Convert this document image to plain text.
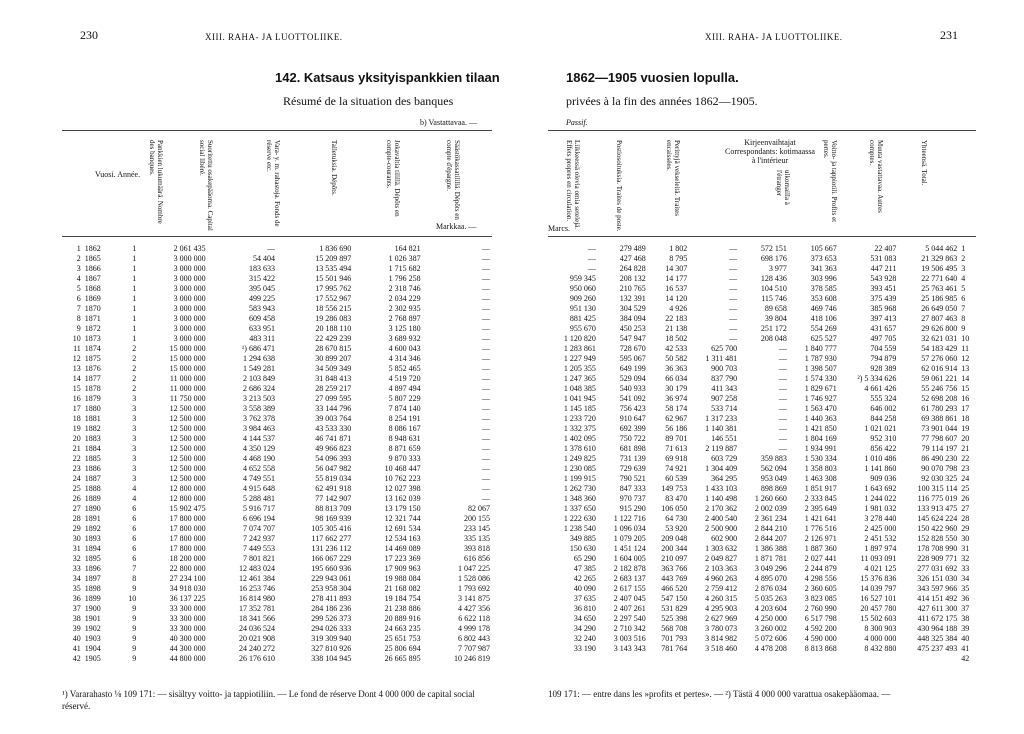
230	XIII. RAHA- JA LUOTTOLIIKE.
142. Katsaus yksityispankkien tilaan
Résumé de la situation des banques
b) Vastattavaa. —
Vuosi. Année.	Pankkien lukumäärä. Nombre des banques.	Suoritettu osakepääoma. Capital social libéré.	Vara- y. m. rahastoja. Fonds de réserve etc.	Talletuksia. Dépôts.	Jokavaltia tilillä. Dépôts en compte-courants.	Säästökassatilillä. Dépôts en compte d'épargne.
Markkaa. —
1	1862	1	2 061 435	—	1 836 690	164 821	—
2	1865	1	3 000 000	54 404	15 209 897	1 026 387	—
3	1866	1	3 000 000	183 633	13 535 494	1 715 682	—
4	1867	1	3 000 000	315 422	15 501 946	1 796 258	—
5	1868	1	3 000 000	395 045	17 995 762	2 318 746	—
6	1869	1	3 000 000	499 225	17 552 967	2 034 229	—
7	1870	1	3 000 000	583 943	18 556 215	2 302 935	—
8	1871	1	3 000 000	609 458	19 286 083	2 768 897	—
9	1872	1	3 000 000	633 951	20 188 110	3 125 180	—
10	1873	1	3 000 000	483 311	22 429 239	3 689 932	—
11	1874	2	15 000 000	¹) 686 471	28 670 815	4 600 043	—
12	1875	2	15 000 000	1 294 638	30 899 207	4 314 346	—
13	1876	2	15 000 000	1 549 281	34 509 349	5 852 465	—
14	1877	2	11 000 000	2 103 849	31 848 413	4 519 720	—
15	1878	2	11 000 000	2 686 324	28 259 217	4 897 494	—
16	1879	3	11 750 000	3 213 503	27 099 595	5 807 229	—
17	1880	3	12 500 000	3 558 389	33 144 796	7 874 140	—
18	1881	3	12 500 000	3 762 378	39 003 764	8 254 191	—
19	1882	3	12 500 000	3 984 463	43 533 330	8 086 167	—
20	1883	3	12 500 000	4 144 537	46 741 871	8 948 631	—
21	1884	3	12 500 000	4 350 129	49 966 823	8 871 659	—
22	1885	3	12 500 000	4 468 190	54 096 393	9 870 333	—
23	1886	3	12 500 000	4 652 558	56 047 982	10 468 447	—
24	1887	3	12 500 000	4 749 551	55 819 034	10 762 223	—
25	1888	4	12 800 000	4 915 648	62 491 918	12 027 398	—
26	1889	4	12 800 000	5 288 481	77 142 907	13 162 039	—
27	1890	6	15 902 475	5 916 717	88 813 709	13 179 150	82 067
28	1891	6	17 800 000	6 696 194	98 169 939	12 321 744	200 155
29	1892	6	17 800 000	7 074 707	105 305 416	12 691 534	233 145
30	1893	6	17 800 000	7 242 937	117 662 277	12 534 163	335 135
31	1894	6	17 800 000	7 449 553	131 236 112	14 469 089	393 818
32	1895	6	18 200 000	7 801 821	166 067 229	17 223 369	616 856
33	1896	7	22 800 000	12 483 024	195 660 936	17 909 963	1 047 225
34	1897	8	27 234 100	12 461 384	229 943 061	19 988 084	1 528 086
35	1898	9	34 918 030	16 253 746	253 958 304	21 168 082	1 793 692
36	1899	10	36 137 225	16 814 980	278 411 893	19 184 754	3 141 875
37	1900	9	33 300 000	17 352 781	284 186 236	21 238 886	4 427 356
38	1901	9	33 300 000	18 341 566	299 526 373	20 889 916	6 622 118
39	1902	9	33 300 000	24 036 524	294 026 333	24 663 235	4 999 178
40	1903	9	40 300 000	20 021 908	319 309 940	25 651 753	6 802 443
41	1904	9	44 300 000	24 240 272	327 810 926	25 806 694	7 707 987
42	1905	9	44 800 000	26 176 610	338 104 945	26 665 895	10 246 819
¹) Vararahasto ⅛ 109 171: — sisältyy voitto- ja tappiotiliin. — Le fond de réserve Dont 4 000 000 de capital social réservé.
XIII. RAHA- JA LUOTTOLIIKE.	231
1862—1905 vuosien lopulla.
privées à la fin des années 1862—1905.
Passif.
Liikkeessä olevia omia setelejä. Effets propres en circulation.	Postiosoituksia. Traites de poste.	Perittyjä vekseleitä. Traites encaissées.	Kirjeenvaihtajat Correspondants: kotimaassa à l'intérieur
ulkomailla à l'étranger	Voitto- ja tappiotili. Profits et pertes.	Muuta vastattavaa. Autres comptes.	Yhteensä. Total.
Marcs.
—	279 489	1 802	—	572 151	105 667	22 407	5 044 462	1
—	427 468	8 795	—	698 176	373 653	531 083	21 329 863	2
—	264 828	14 307	—	3 977	341 363	447 211	19 506 495	3
959 345	208 132	14 177	—	128 436	303 996	543 928	22 771 640	4
950 060	210 765	16 537	—	104 510	378 585	393 451	25 763 461	5
909 260	132 391	14 120	—	115 746	353 608	375 439	25 186 985	6
951 130	304 529	4 926	—	89 658	469 746	385 968	26 649 050	7
881 425	384 094	22 183	—	39 804	418 106	397 413	27 807 463	8
955 670	450 253	21 138	—	251 172	554 269	431 657	29 626 800	9
1 120 820	547 947	18 502	—	208 048	625 527	497 705	32 621 031	10
1 283 861	728 670	42 533	625 700	—	1 840 777	704 559	54 183 429	11
1 227 949	595 067	50 582	1 311 481	—	1 787 930	794 879	57 276 060	12
1 205 355	649 199	36 363	900 703	—	1 398 507	928 389	62 016 914	13
1 247 365	529 094	66 034	837 790	—	1 574 330	²) 5 334 626	59 061 221	14
1 048 385	540 933	30 179	411 343	—	1 829 671	4 661 426	55 246 756	15
1 041 945	541 092	36 974	907 258	—	1 746 927	555 324	52 698 208	16
1 145 185	756 423	58 174	533 714	—	1 563 470	646 002	61 780 293	17
1 233 720	910 647	62 967	1 317 233	—	1 440 363	844 258	69 388 861	18
1 332 375	692 399	56 186	1 140 381	—	1 421 850	1 021 021	73 901 044	19
1 402 095	750 722	89 701	146 551	—	1 804 169	952 310	77 798 607	20
1 378 610	681 898	71 613	2 119 887	—	1 934 991	856 422	79 114 197	21
1 249 825	731 139	69 918	603 729	359 883	1 530 334	1 010 486	86 490 230	22
1 230 085	729 639	74 921	1 304 409	562 094	1 358 803	1 141 860	90 070 798	23
1 199 915	790 521	60 539	364 295	953 049	1 463 308	909 036	92 030 325	24
1 262 730	847 333	149 753	1 433 103	898 869	1 851 917	1 643 692	100 315 114	25
1 348 360	970 737	83 470	1 140 498	1 260 660	2 333 845	1 244 022	116 775 019	26
1 337 650	915 290	106 050	2 170 362	2 002 039	2 395 649	1 981 032	133 913 475	27
1 222 630	1 122 716	64 730	2 400 540	2 361 234	1 421 641	3 278 440	145 624 224	28
1 238 540	1 096 034	53 920	2 500 900	2 844 210	1 776 516	2 425 000	150 422 960	29
349 885	1 079 205	209 048	602 900	2 844 207	2 126 971	2 451 532	152 828 550	30
150 630	1 451 124	200 344	1 303 632	1 386 388	1 887 360	1 897 974	178 708 990	31
65 290	1 604 005	210 097	2 049 827	1 871 781	2 027 441	11 093 091	228 909 771	32
47 385	2 182 878	363 766	2 103 363	3 049 296	2 244 879	4 021 125	277 031 692	33
42 265	2 683 137	443 769	4 960 263	4 895 070	4 298 556	15 376 836	326 151 030	34
40 090	2 617 155	466 520	2 759 412	2 876 034	2 360 605	14 039 797	343 597 966	35
37 635	2 407 045	547 150	4 260 315	5 035 263	3 823 085	16 527 101	414 151 492	36
36 810	2 407 261	531 829	4 295 903	4 203 604	2 760 990	20 457 780	427 611 300	37
34 650	2 297 540	525 398	2 627 969	4 250 000	6 517 798	15 502 603	411 672 175	38
34 290	2 710 342	568 708	3 780 073	3 260 002	4 592 200	8 300 903	430 964 188	39
32 240	3 003 516	701 793	3 814 982	5 072 606	4 590 000	4 000 000	448 325 384	40
33 190	3 143 343	781 764	3 518 460	4 478 208	8 813 868	8 432 880	475 237 493	41
								42
109 171: — entre dans les »profits et pertes». — ²) Tästä 4 000 000 varattua osakepääomaa. —
